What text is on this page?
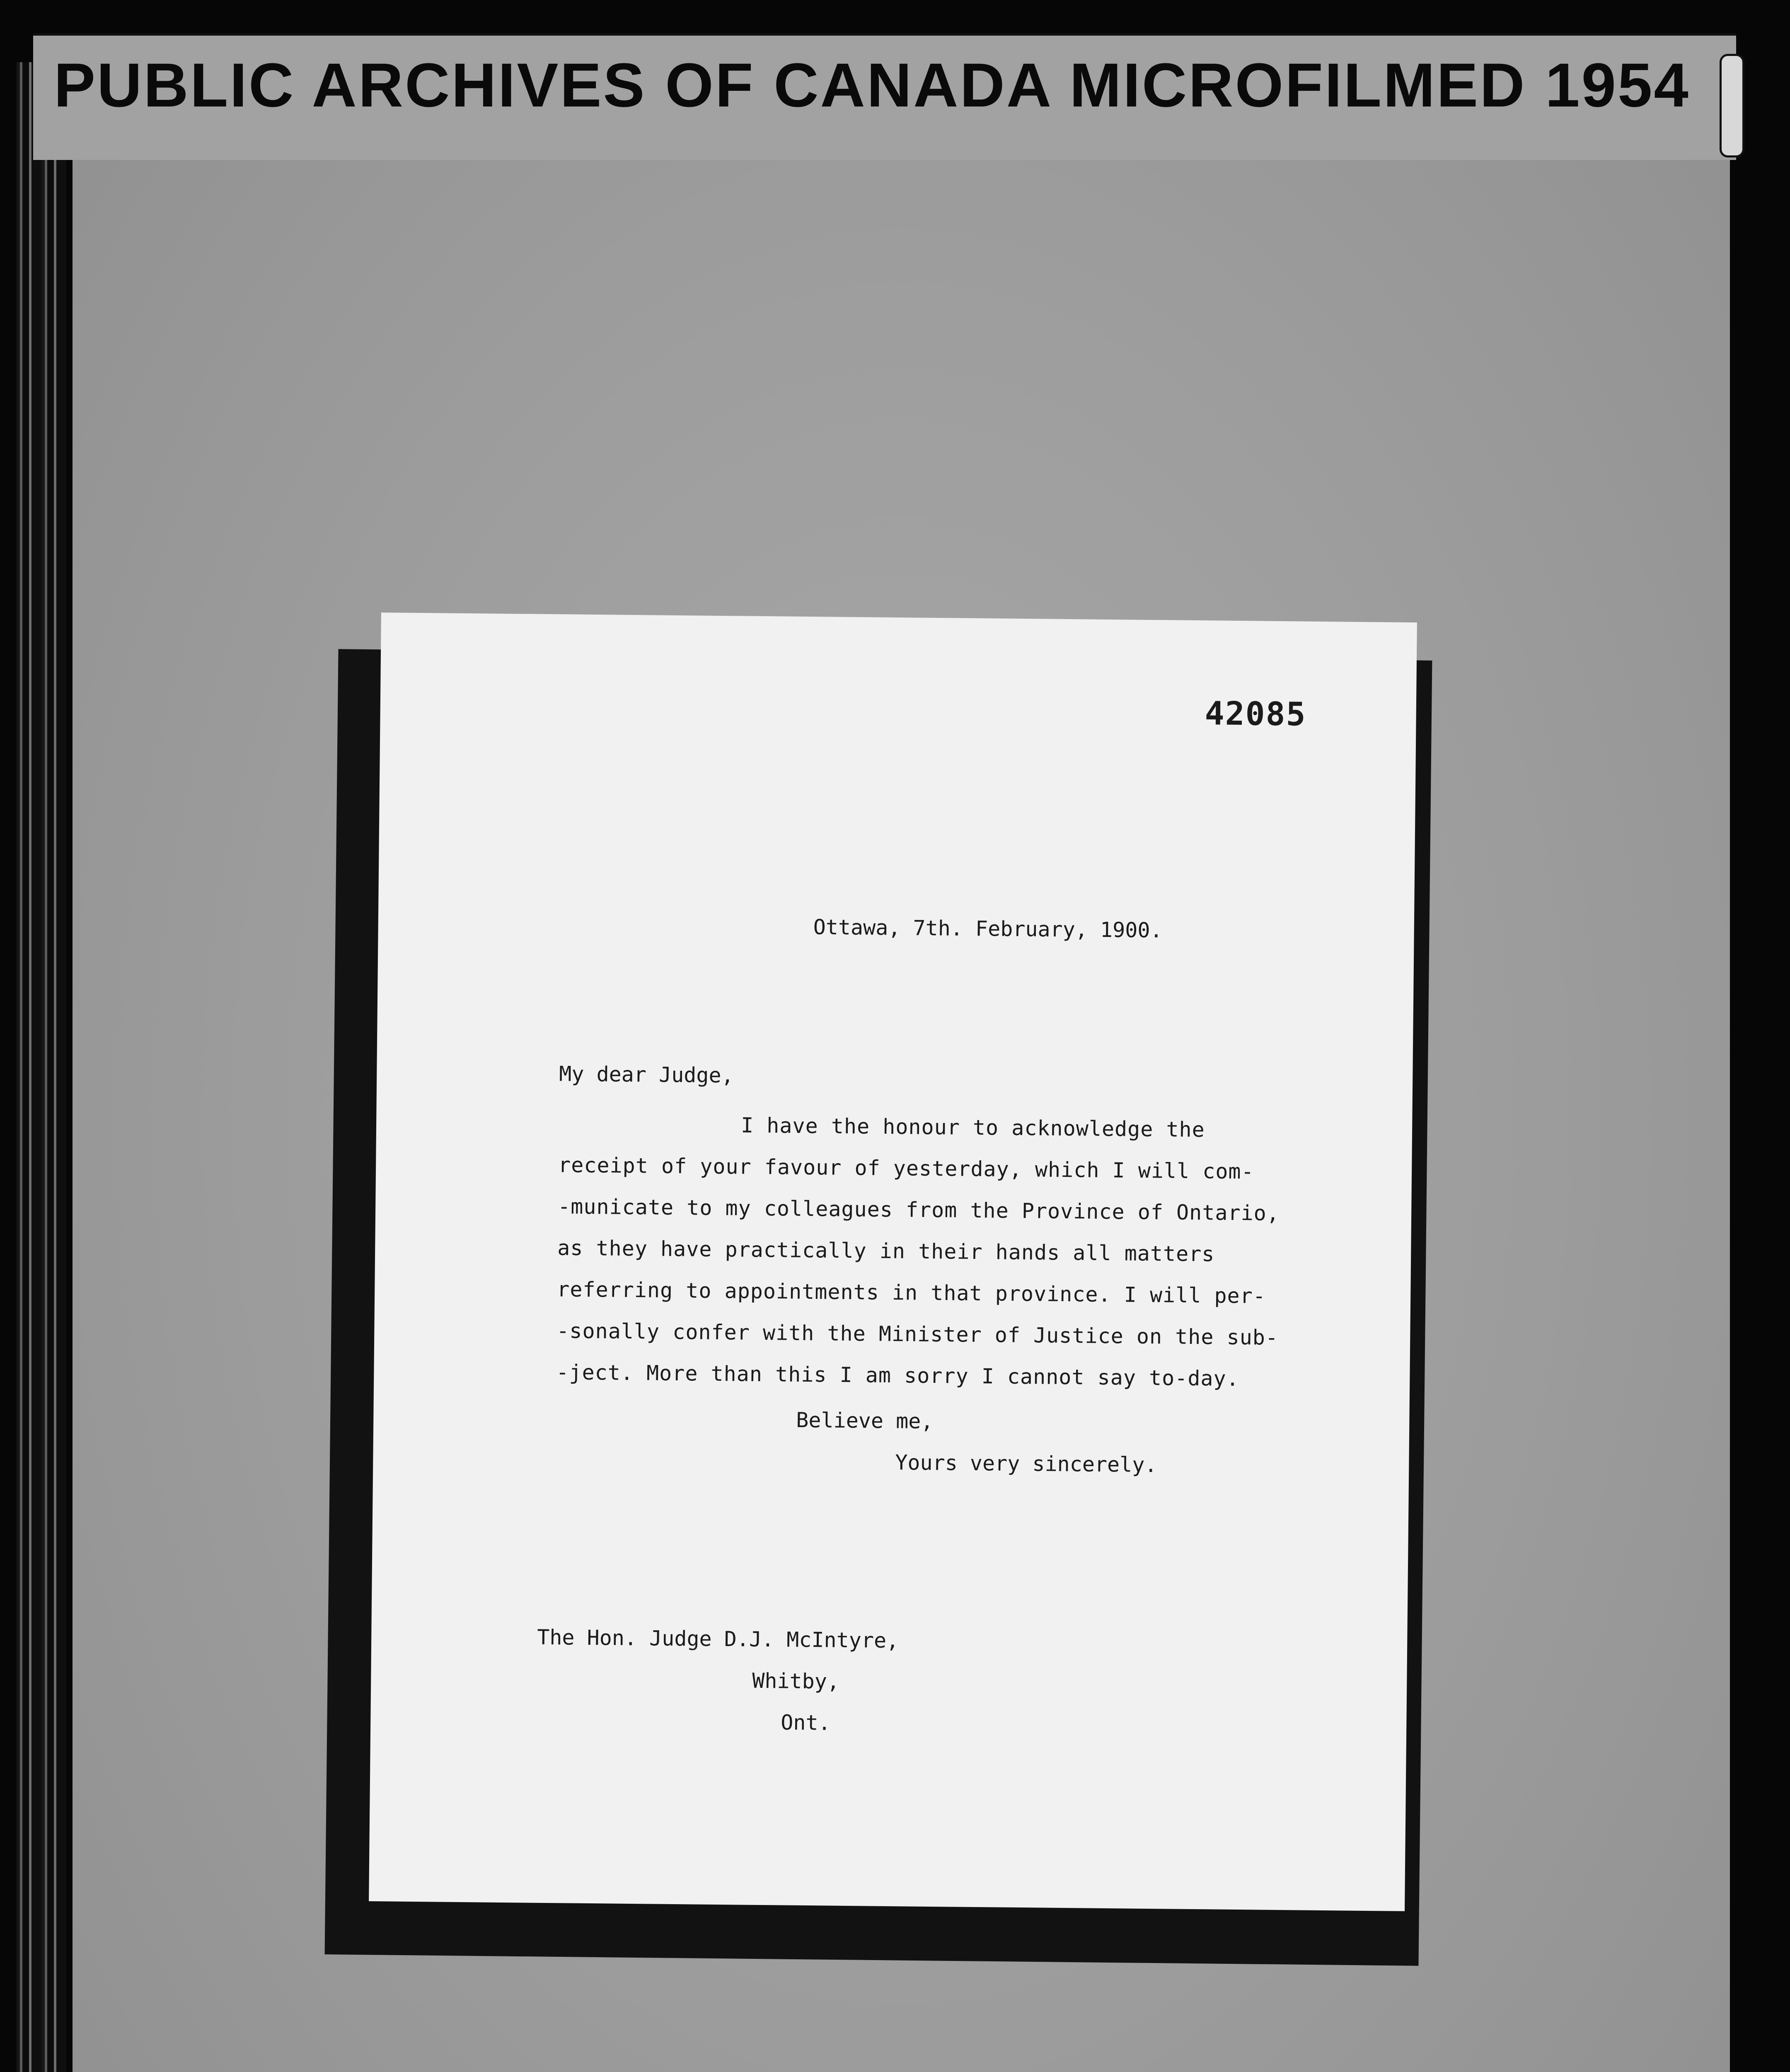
PUBLIC ARCHIVES OF CANADA MICROFILMED 1954
42085
Ottawa, 7th. February, 1900.
My dear Judge,
I have the honour to acknowledge the
receipt of your favour of yesterday, which I will com-
-municate to my colleagues from the Province of Ontario,
as they have practically in their hands all matters
referring to appointments in that province. I will per-
-sonally confer with the Minister of Justice on the sub-
-ject. More than this I am sorry I cannot say to-day.
Believe me,
Yours very sincerely.
The Hon. Judge D.J. McIntyre,
Whitby,
Ont.
